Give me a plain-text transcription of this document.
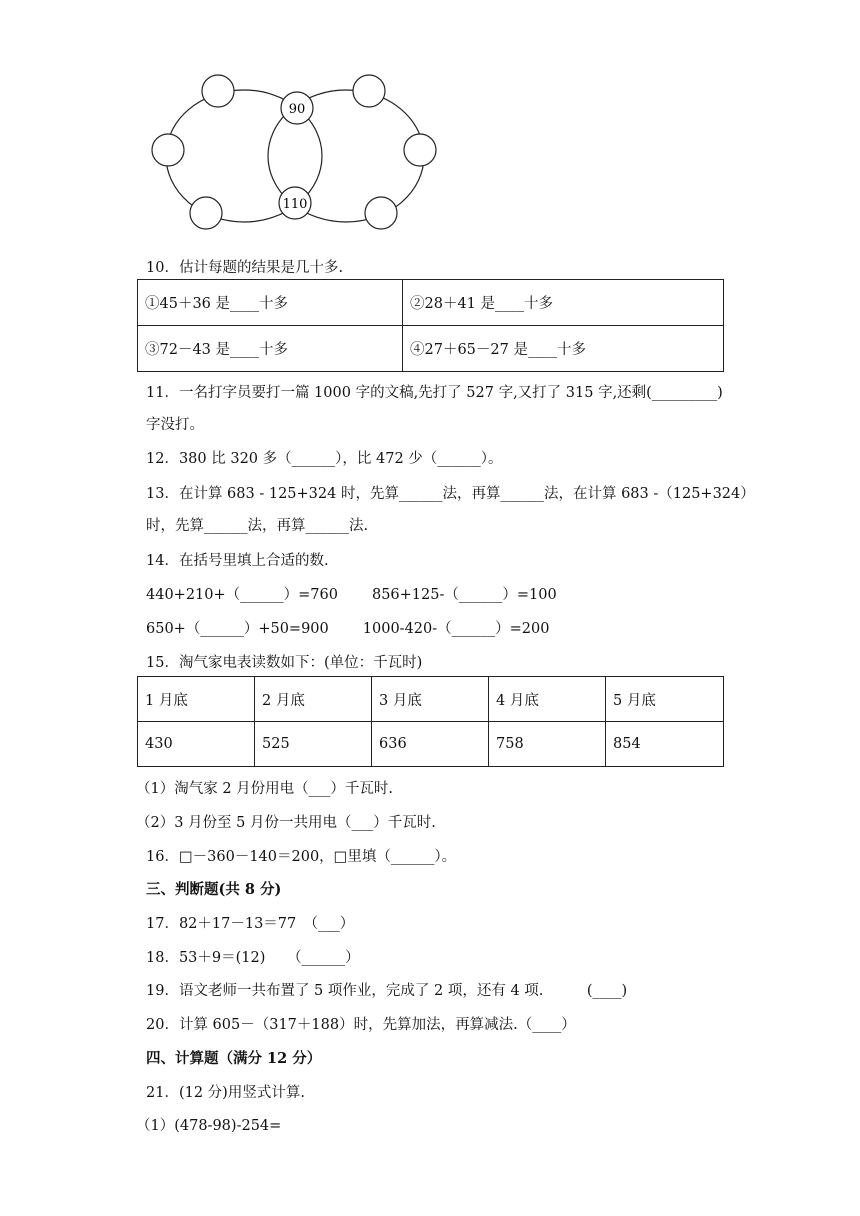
90
110
10．估计每题的结果是几十多.
①45＋36 是____十多	②28＋41 是____十多
③72－43 是____十多	④27＋65－27 是____十多
11．一名打字员要打一篇 1000 字的文稿,先打了 527 字,又打了 315 字,还剩(_________)
字没打。
12．380 比 320 多（______），比 472 少（______）。
13．在计算 683 - 125+324 时，先算______法，再算______法，在计算 683 -（125+324）
时，先算______法，再算______法.
14．在括号里填上合适的数.
440+210+（______）=760 856+125-（______）=100
650+（______）+50=900 1000-420-（______）=200
15．淘气家电表读数如下：(单位：千瓦时)
1 月底	2 月底	3 月底	4 月底	5 月底
430	525	636	758	854
（1）淘气家 2 月份用电（___）千瓦时.
（2）3 月份至 5 月份一共用电（___）千瓦时.
16．□－360－140＝200，□里填（______）。
三、判断题(共 8 分)
17．82＋17－13＝77　（___）
18．53＋9＝(12)　　（______）
19．语文老师一共布置了 5 项作业，完成了 2 项，还有 4 项.　　　(____)
20．计算 605－（317＋188）时，先算加法，再算减法.（____）
四、计算题（满分 12 分）
21．(12 分)用竖式计算.
（1）(478-98)-254=
